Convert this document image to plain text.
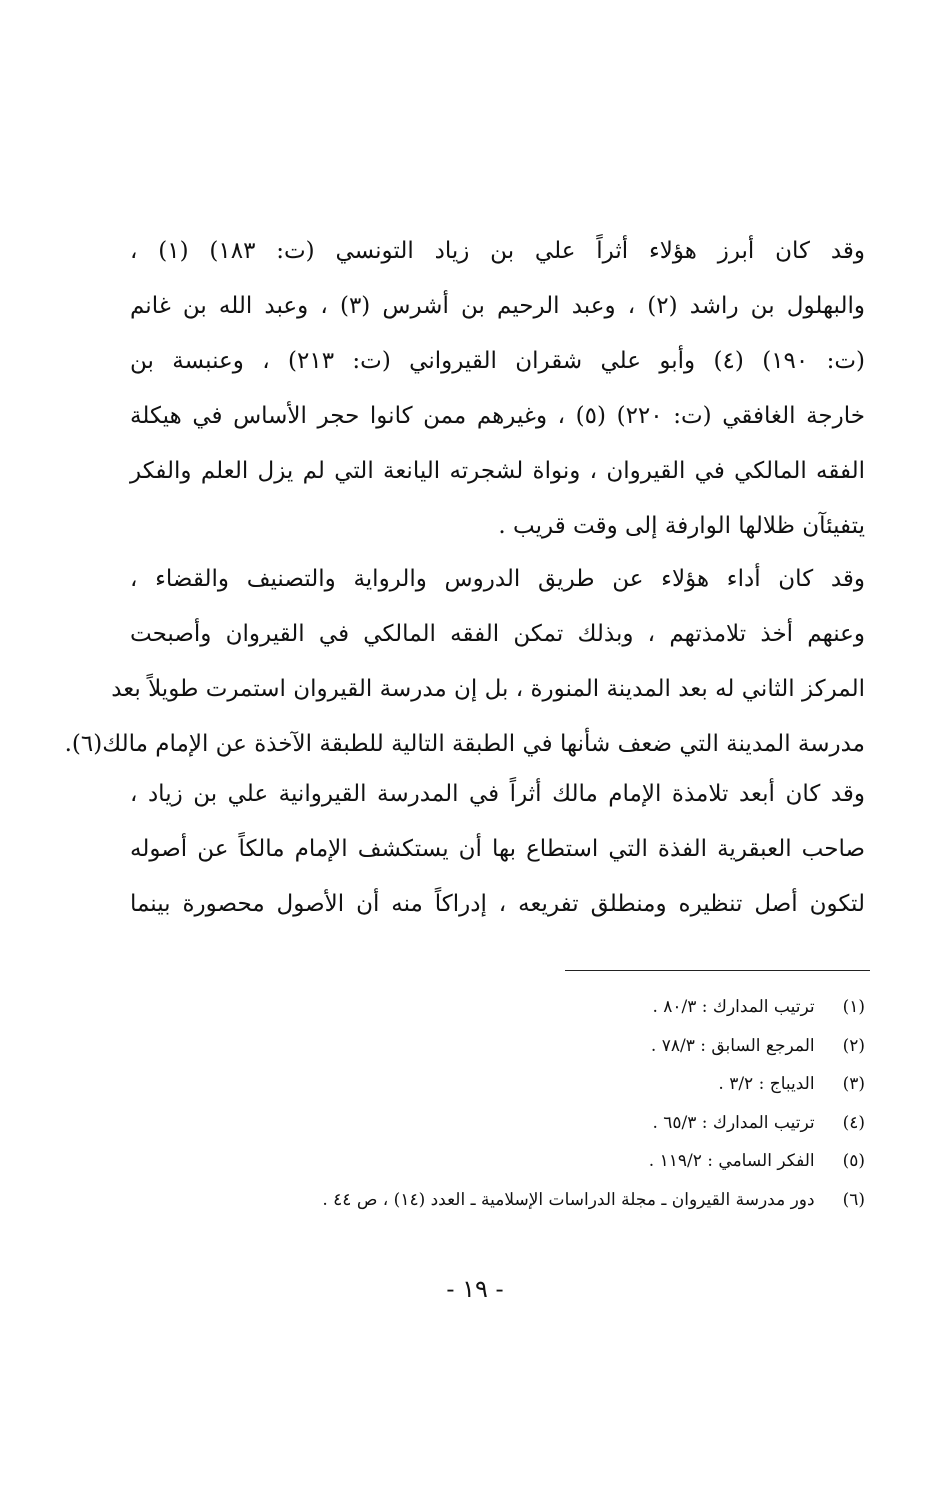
وقد كان أبرز هؤلاء أثراً علي بن زياد التونسي (ت: ١٨٣) (١) ،
والبهلول بن راشد (٢) ، وعبد الرحيم بن أشرس (٣) ، وعبد الله بن غانم
(ت: ١٩٠) (٤) وأبو علي شقران القيرواني (ت: ٢١٣) ، وعنبسة بن
خارجة الغافقي (ت: ٢٢٠) (٥) ، وغيرهم ممن كانوا حجر الأساس في هيكلة
الفقه المالكي في القيروان ، ونواة لشجرته اليانعة التي لم يزل العلم والفكر
يتفيئآن ظلالها الوارفة إلى وقت قريب .
وقد كان أداء هؤلاء عن طريق الدروس والرواية والتصنيف والقضاء ،
وعنهم أخذ تلامذتهم ، وبذلك تمكن الفقه المالكي في القيروان وأصبحت
المركز الثاني له بعد المدينة المنورة ، بل إن مدرسة القيروان استمرت طويلاً بعد
مدرسة المدينة التي ضعف شأنها في الطبقة التالية للطبقة الآخذة عن الإمام مالك(٦).
وقد كان أبعد تلامذة الإمام مالك أثراً في المدرسة القيروانية علي بن زياد ،
صاحب العبقرية الفذة التي استطاع بها أن يستكشف الإمام مالكاً عن أصوله
لتكون أصل تنظيره ومنطلق تفريعه ، إدراكاً منه أن الأصول محصورة بينما
(١) ترتيب المدارك : ٨٠/٣ .
(٢) المرجع السابق : ٧٨/٣ .
(٣) الديباج : ٣/٢ .
(٤) ترتيب المدارك : ٦٥/٣ .
(٥) الفكر السامي : ١١٩/٢ .
(٦) دور مدرسة القيروان ـ مجلة الدراسات الإسلامية ـ العدد (١٤) ، ص ٤٤ .
- ١٩ -
